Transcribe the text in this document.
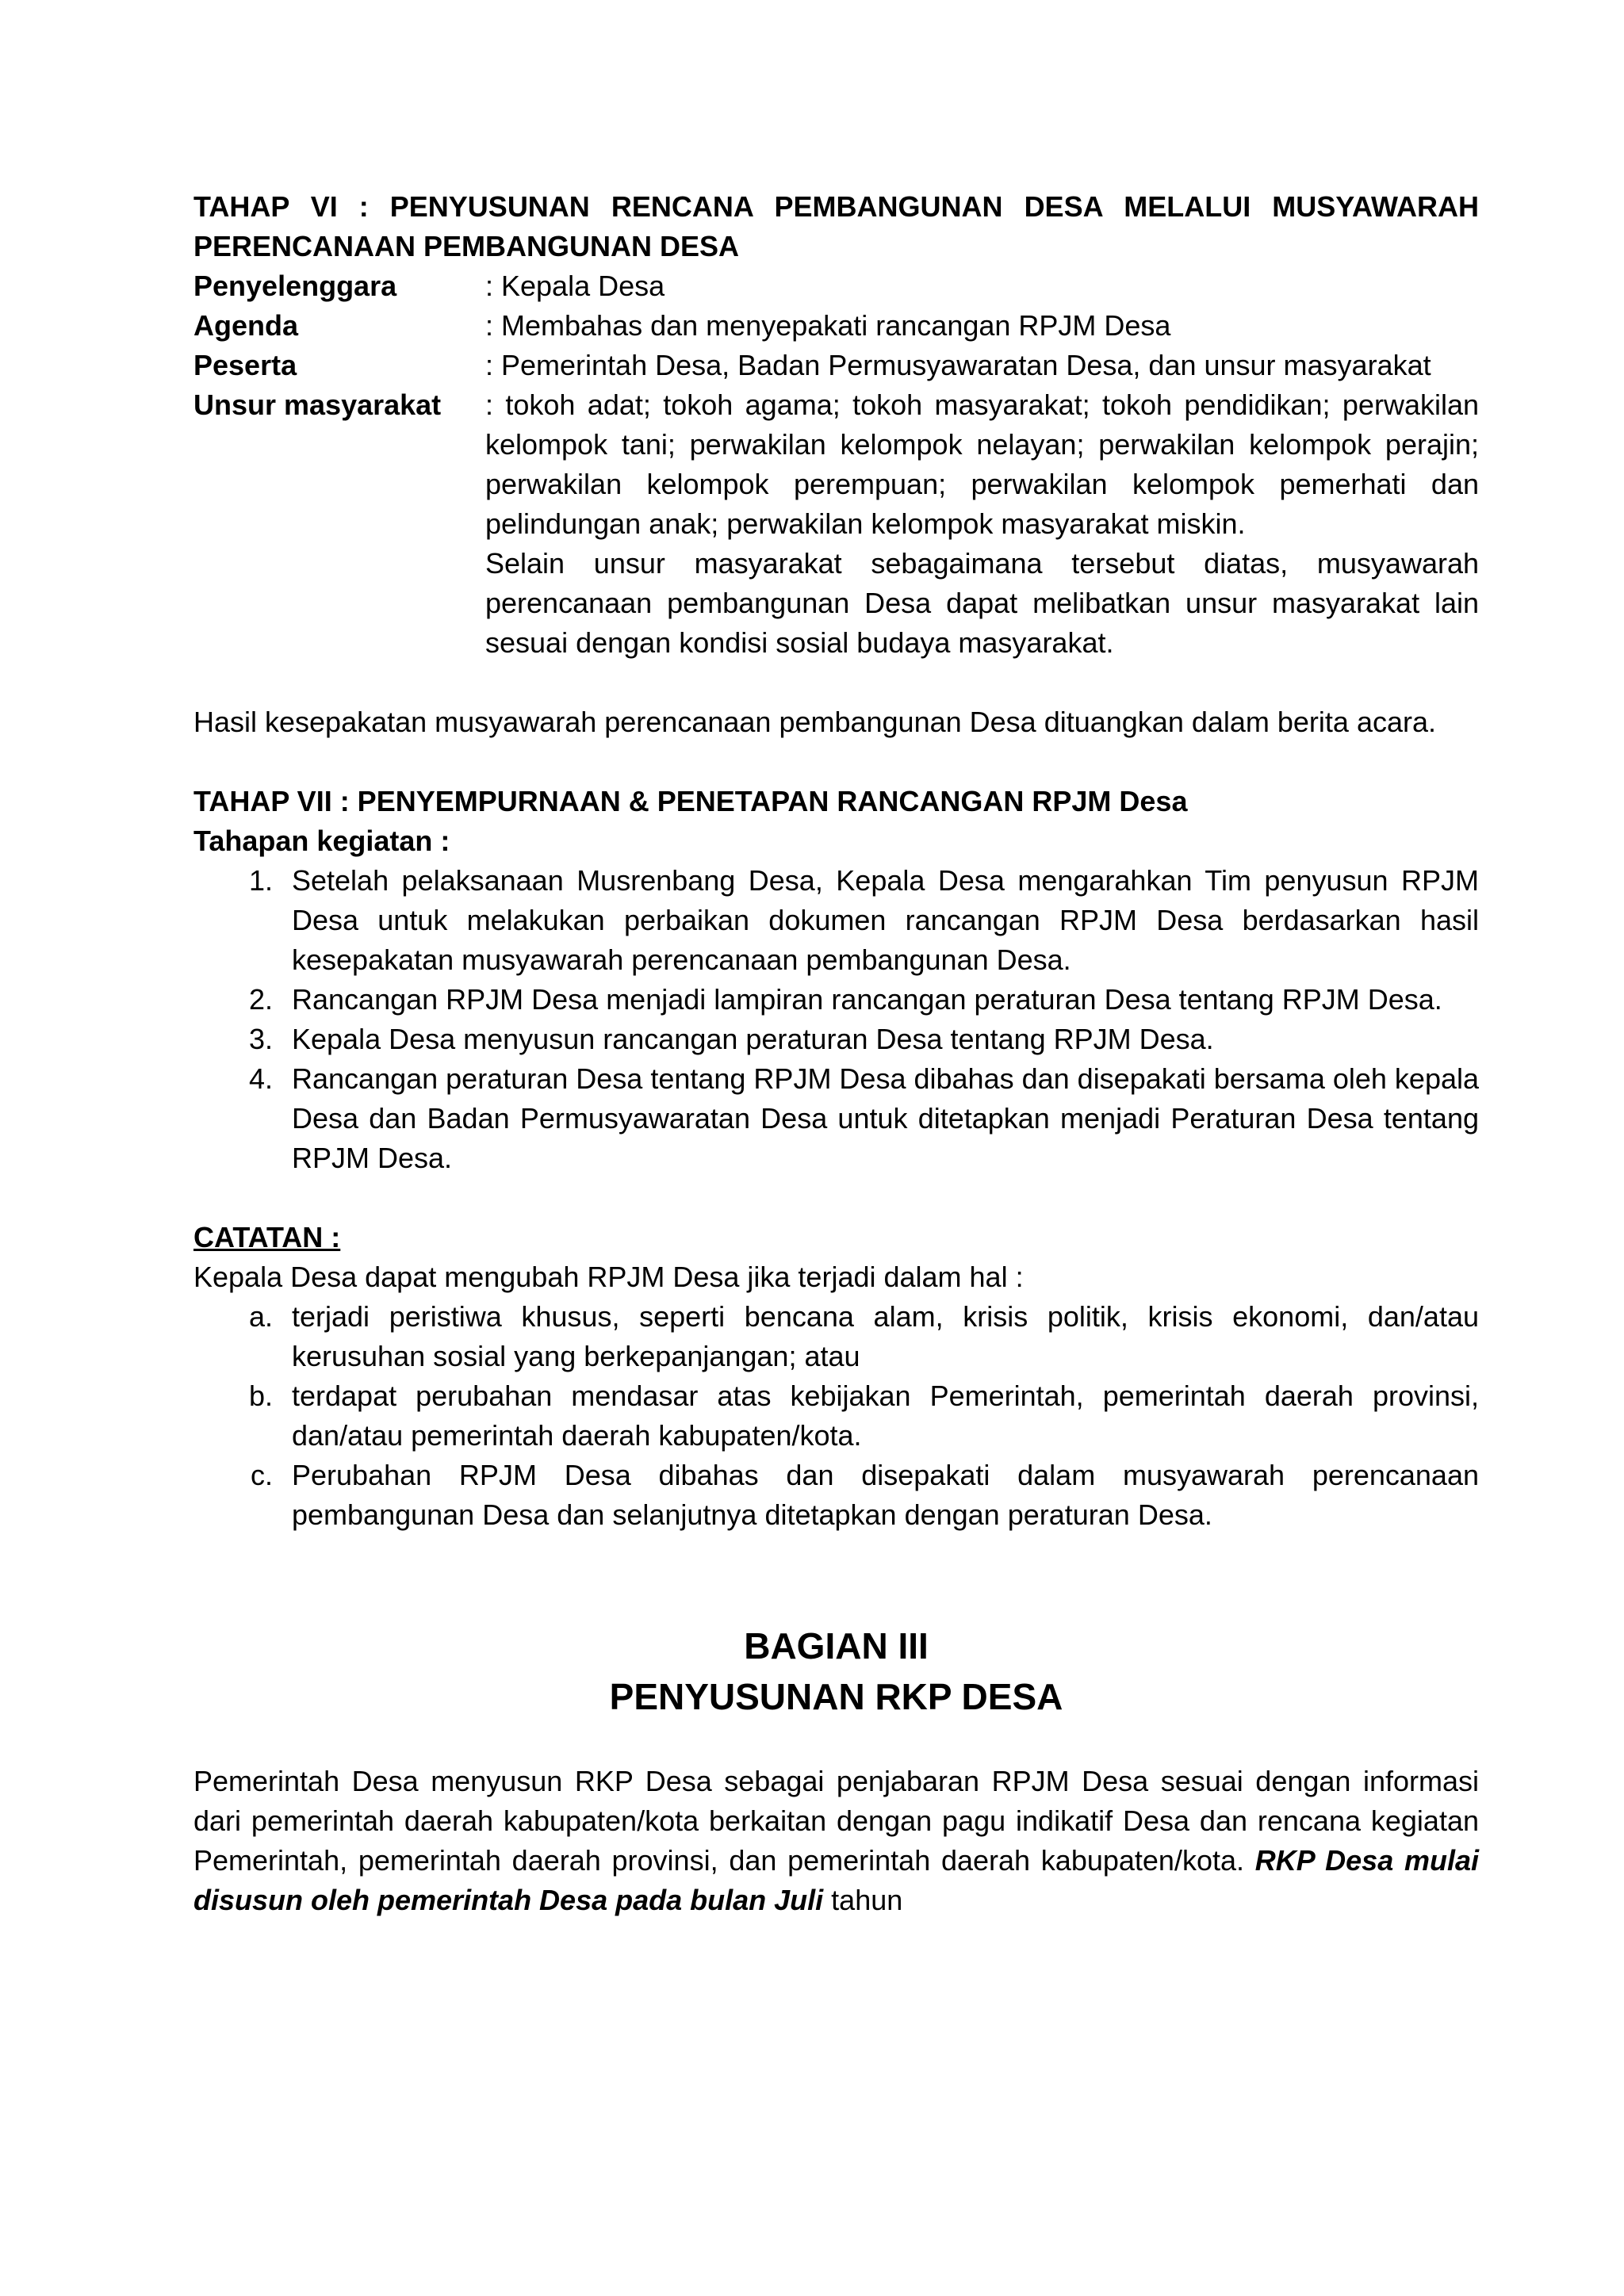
TAHAP VI : PENYUSUNAN RENCANA PEMBANGUNAN DESA MELALUI MUSYAWARAH PERENCANAAN PEMBANGUNAN DESA
Penyelenggara	: Kepala Desa

Agenda	: Membahas dan menyepakati rancangan RPJM Desa

Peserta	: Pemerintah Desa, Badan Permusyawaratan Desa, dan unsur masyarakat

Unsur masyarakat	: tokoh adat; tokoh agama; tokoh masyarakat; tokoh pendidikan; perwakilan kelompok tani; perwakilan kelompok nelayan; perwakilan kelompok perajin; perwakilan kelompok perempuan; perwakilan kelompok pemerhati dan pelindungan anak; perwakilan kelompok masyarakat miskin.

Selain unsur masyarakat sebagaimana tersebut diatas, musyawarah perencanaan pembangunan Desa dapat melibatkan unsur masyarakat lain sesuai dengan kondisi sosial budaya masyarakat.

Hasil kesepakatan musyawarah perencanaan pembangunan Desa dituangkan dalam berita acara.
TAHAP VII : PENYEMPURNAAN & PENETAPAN RANCANGAN RPJM Desa
Tahapan kegiatan :
1. Setelah pelaksanaan Musrenbang Desa, Kepala Desa mengarahkan Tim penyusun RPJM Desa untuk melakukan perbaikan dokumen rancangan RPJM Desa berdasarkan hasil kesepakatan musyawarah perencanaan pembangunan Desa.
2. Rancangan RPJM Desa menjadi lampiran rancangan peraturan Desa tentang RPJM Desa.
3. Kepala Desa menyusun rancangan peraturan Desa tentang RPJM Desa.
4. Rancangan peraturan Desa tentang RPJM Desa dibahas dan disepakati bersama oleh kepala Desa dan Badan Permusyawaratan Desa untuk ditetapkan menjadi Peraturan Desa tentang RPJM Desa.
CATATAN :
Kepala Desa dapat mengubah RPJM Desa jika terjadi dalam hal :
a. terjadi peristiwa khusus, seperti bencana alam, krisis politik, krisis ekonomi, dan/atau kerusuhan sosial yang berkepanjangan; atau
b. terdapat perubahan mendasar atas kebijakan Pemerintah, pemerintah daerah provinsi, dan/atau pemerintah daerah kabupaten/kota.
c. Perubahan RPJM Desa dibahas dan disepakati dalam musyawarah perencanaan pembangunan Desa dan selanjutnya ditetapkan dengan peraturan Desa.
BAGIAN III
PENYUSUNAN RKP DESA
Pemerintah Desa menyusun RKP Desa sebagai penjabaran RPJM Desa sesuai dengan informasi dari pemerintah daerah kabupaten/kota berkaitan dengan pagu indikatif Desa dan rencana kegiatan Pemerintah, pemerintah daerah provinsi, dan pemerintah daerah kabupaten/kota. RKP Desa mulai disusun oleh pemerintah Desa pada bulan Juli tahun
